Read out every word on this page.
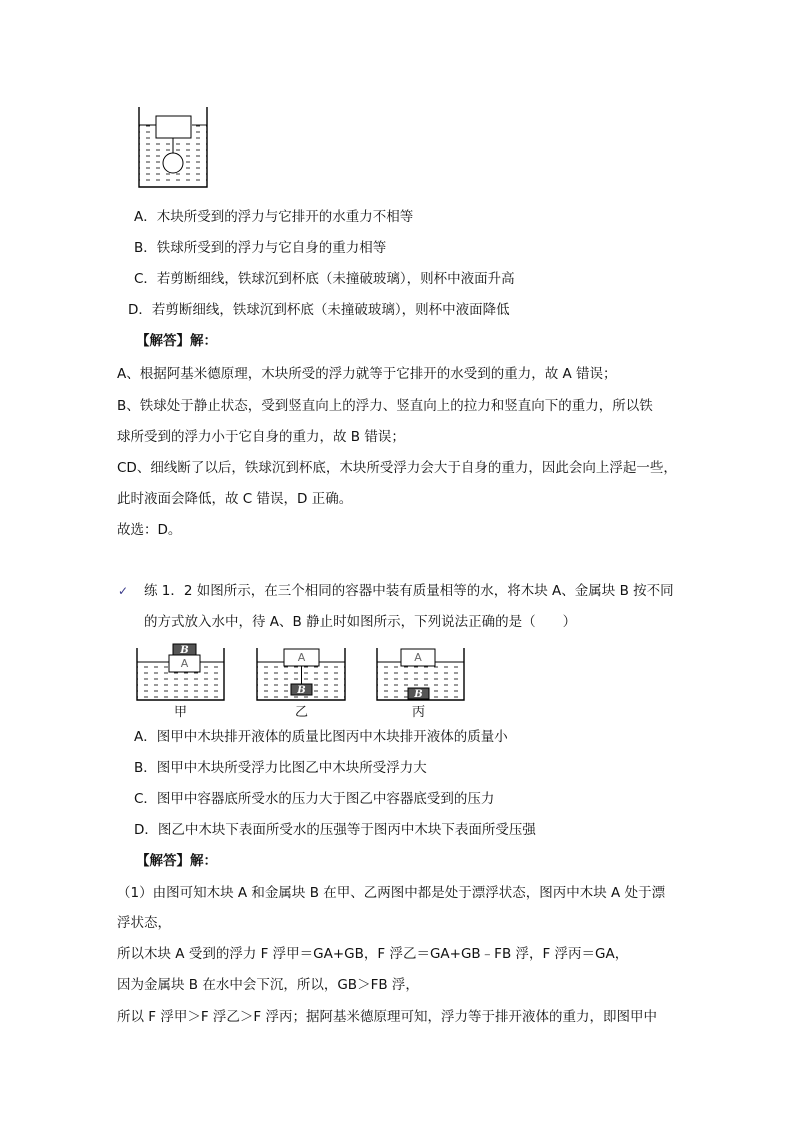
A．木块所受到的浮力与它排开的水重力不相等
B．铁球所受到的浮力与它自身的重力相等
C．若剪断细线，铁球沉到杯底（未撞破玻璃），则杯中液面升高
D．若剪断细线，铁球沉到杯底（未撞破玻璃），则杯中液面降低
【解答】解：
A、根据阿基米德原理，木块所受的浮力就等于它排开的水受到的重力，故 A 错误；
B、铁球处于静止状态，受到竖直向上的浮力、竖直向上的拉力和竖直向下的重力，所以铁
球所受到的浮力小于它自身的重力，故 B 错误；
CD、细线断了以后，铁球沉到杯底，木块所受浮力会大于自身的重力，因此会向上浮起一些，
此时液面会降低，故 C 错误，D 正确。
故选：D。
✓ 练 1．2 如图所示，在三个相同的容器中装有质量相等的水，将木块 A、金属块 B 按不同
的方式放入水中，待 A、B 静止时如图所示，下列说法正确的是（　　）
A
B
A
B
A
B
甲	乙	丙
A．图甲中木块排开液体的质量比图丙中木块排开液体的质量小
B．图甲中木块所受浮力比图乙中木块所受浮力大
C．图甲中容器底所受水的压力大于图乙中容器底受到的压力
D．图乙中木块下表面所受水的压强等于图丙中木块下表面所受压强
【解答】解：
（1）由图可知木块 A 和金属块 B 在甲、乙两图中都是处于漂浮状态，图丙中木块 A 处于漂
浮状态，
所以木块 A 受到的浮力 F 浮甲＝GA+GB，F 浮乙＝GA+GB﹣FB 浮，F 浮丙＝GA，
因为金属块 B 在水中会下沉，所以，GB＞FB 浮，
所以 F 浮甲＞F 浮乙＞F 浮丙；据阿基米德原理可知，浮力等于排开液体的重力，即图甲中
